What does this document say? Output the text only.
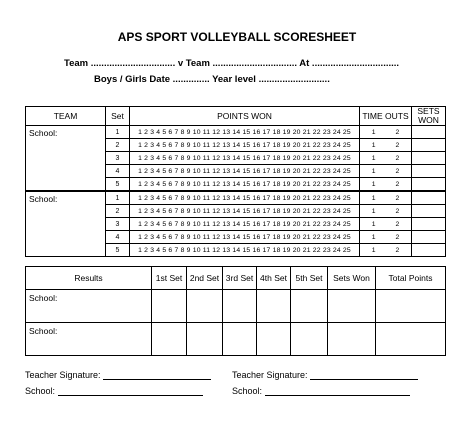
APS SPORT VOLLEYBALL SCORESHEET
Team ................................ v Team ................................ At .................................
Boys / Girls Date .............. Year level ...........................
TEAM	Set	POINTS WON	TIME OUTS	SETS WON
School:	1	1 2 3 4 5 6 7 8 9 10 11 12 13 14 15 16 17 18 19 20 21 22 23 24 25	1 2	
	2	1 2 3 4 5 6 7 8 9 10 11 12 13 14 15 16 17 18 19 20 21 22 23 24 25	1 2	
	3	1 2 3 4 5 6 7 8 9 10 11 12 13 14 15 16 17 18 19 20 21 22 23 24 25	1 2	
	4	1 2 3 4 5 6 7 8 9 10 11 12 13 14 15 16 17 18 19 20 21 22 23 24 25	1 2	
	5	1 2 3 4 5 6 7 8 9 10 11 12 13 14 15 16 17 18 19 20 21 22 23 24 25	1 2	
School:	1	1 2 3 4 5 6 7 8 9 10 11 12 13 14 15 16 17 18 19 20 21 22 23 24 25	1 2	
	2	1 2 3 4 5 6 7 8 9 10 11 12 13 14 15 16 17 18 19 20 21 22 23 24 25	1 2	
	3	1 2 3 4 5 6 7 8 9 10 11 12 13 14 15 16 17 18 19 20 21 22 23 24 25	1 2	
	4	1 2 3 4 5 6 7 8 9 10 11 12 13 14 15 16 17 18 19 20 21 22 23 24 25	1 2	
	5	1 2 3 4 5 6 7 8 9 10 11 12 13 14 15 16 17 18 19 20 21 22 23 24 25	1 2	
Results	1st Set	2nd Set	3rd Set	4th Set	5th Set	Sets Won	Total Points
School:							
School:							
Teacher Signature:
School:
Teacher Signature:
School:
